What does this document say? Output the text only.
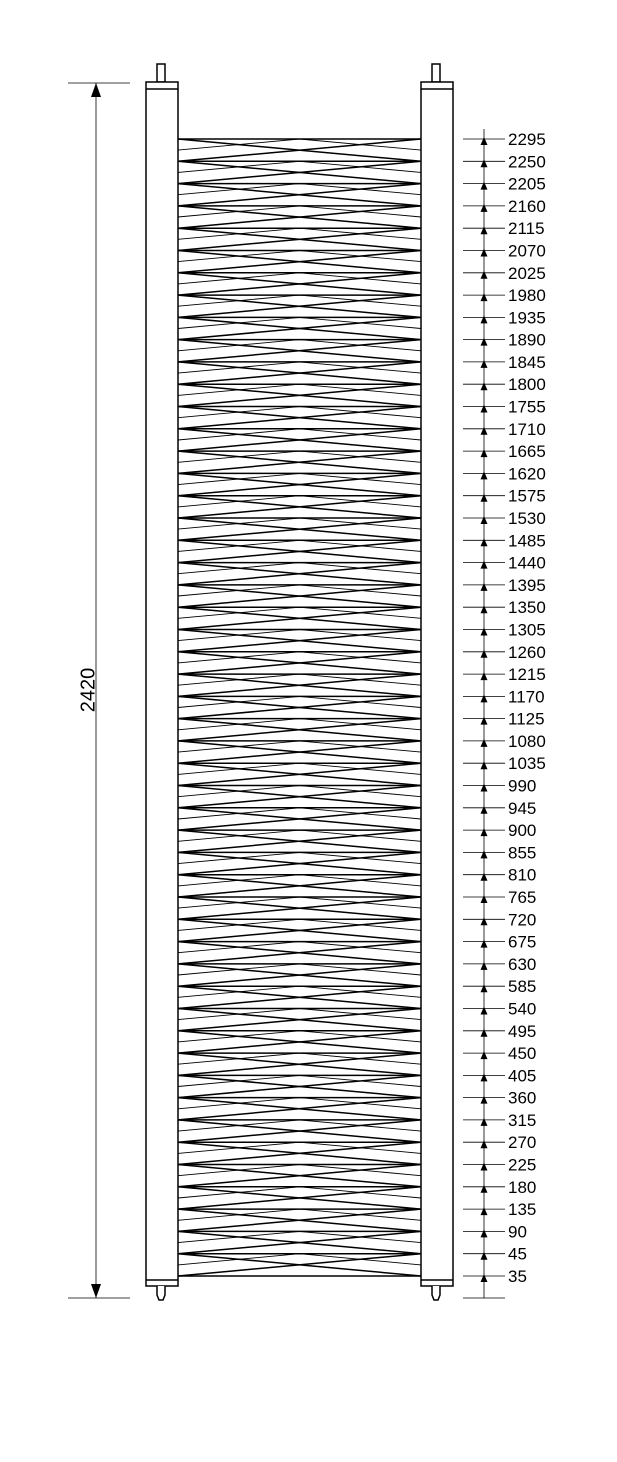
2420
2295
2250
2205
2160
2115
2070
2025
1980
1935
1890
1845
1800
1755
1710
1665
1620
1575
1530
1485
1440
1395
1350
1305
1260
1215
1170
1125
1080
1035
990
945
900
855
810
765
720
675
630
585
540
495
450
405
360
315
270
225
180
135
90
45
35
